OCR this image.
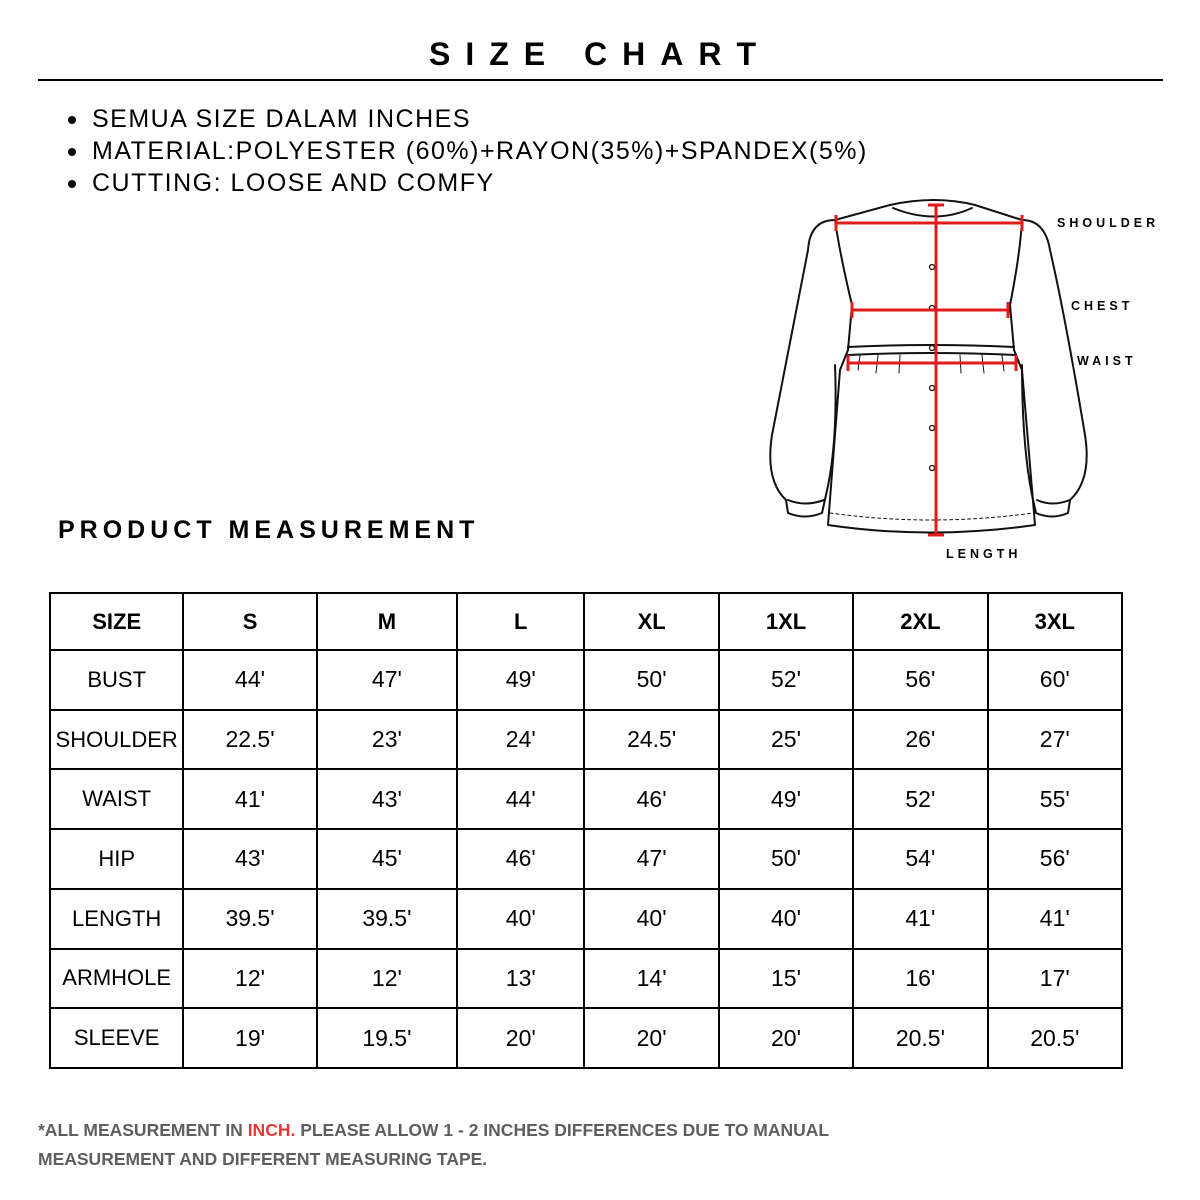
SIZE CHART
SEMUA SIZE DALAM INCHES
MATERIAL:POLYESTER (60%)+RAYON(35%)+SPANDEX(5%)
CUTTING: LOOSE AND COMFY
SHOULDER
CHEST
WAIST
LENGTH
PRODUCT MEASUREMENT
SIZE	S	M	L	XL	1XL	2XL	3XL
BUST	44'	47'	49'	50'	52'	56'	60'
SHOULDER	22.5'	23'	24'	24.5'	25'	26'	27'
WAIST	41'	43'	44'	46'	49'	52'	55'
HIP	43'	45'	46'	47'	50'	54'	56'
LENGTH	39.5'	39.5'	40'	40'	40'	41'	41'
ARMHOLE	12'	12'	13'	14'	15'	16'	17'
SLEEVE	19'	19.5'	20'	20'	20'	20.5'	20.5'

*ALL MEASUREMENT IN INCH. PLEASE ALLOW 1 - 2 INCHES DIFFERENCES DUE TO MANUAL MEASUREMENT AND DIFFERENT MEASURING TAPE.
